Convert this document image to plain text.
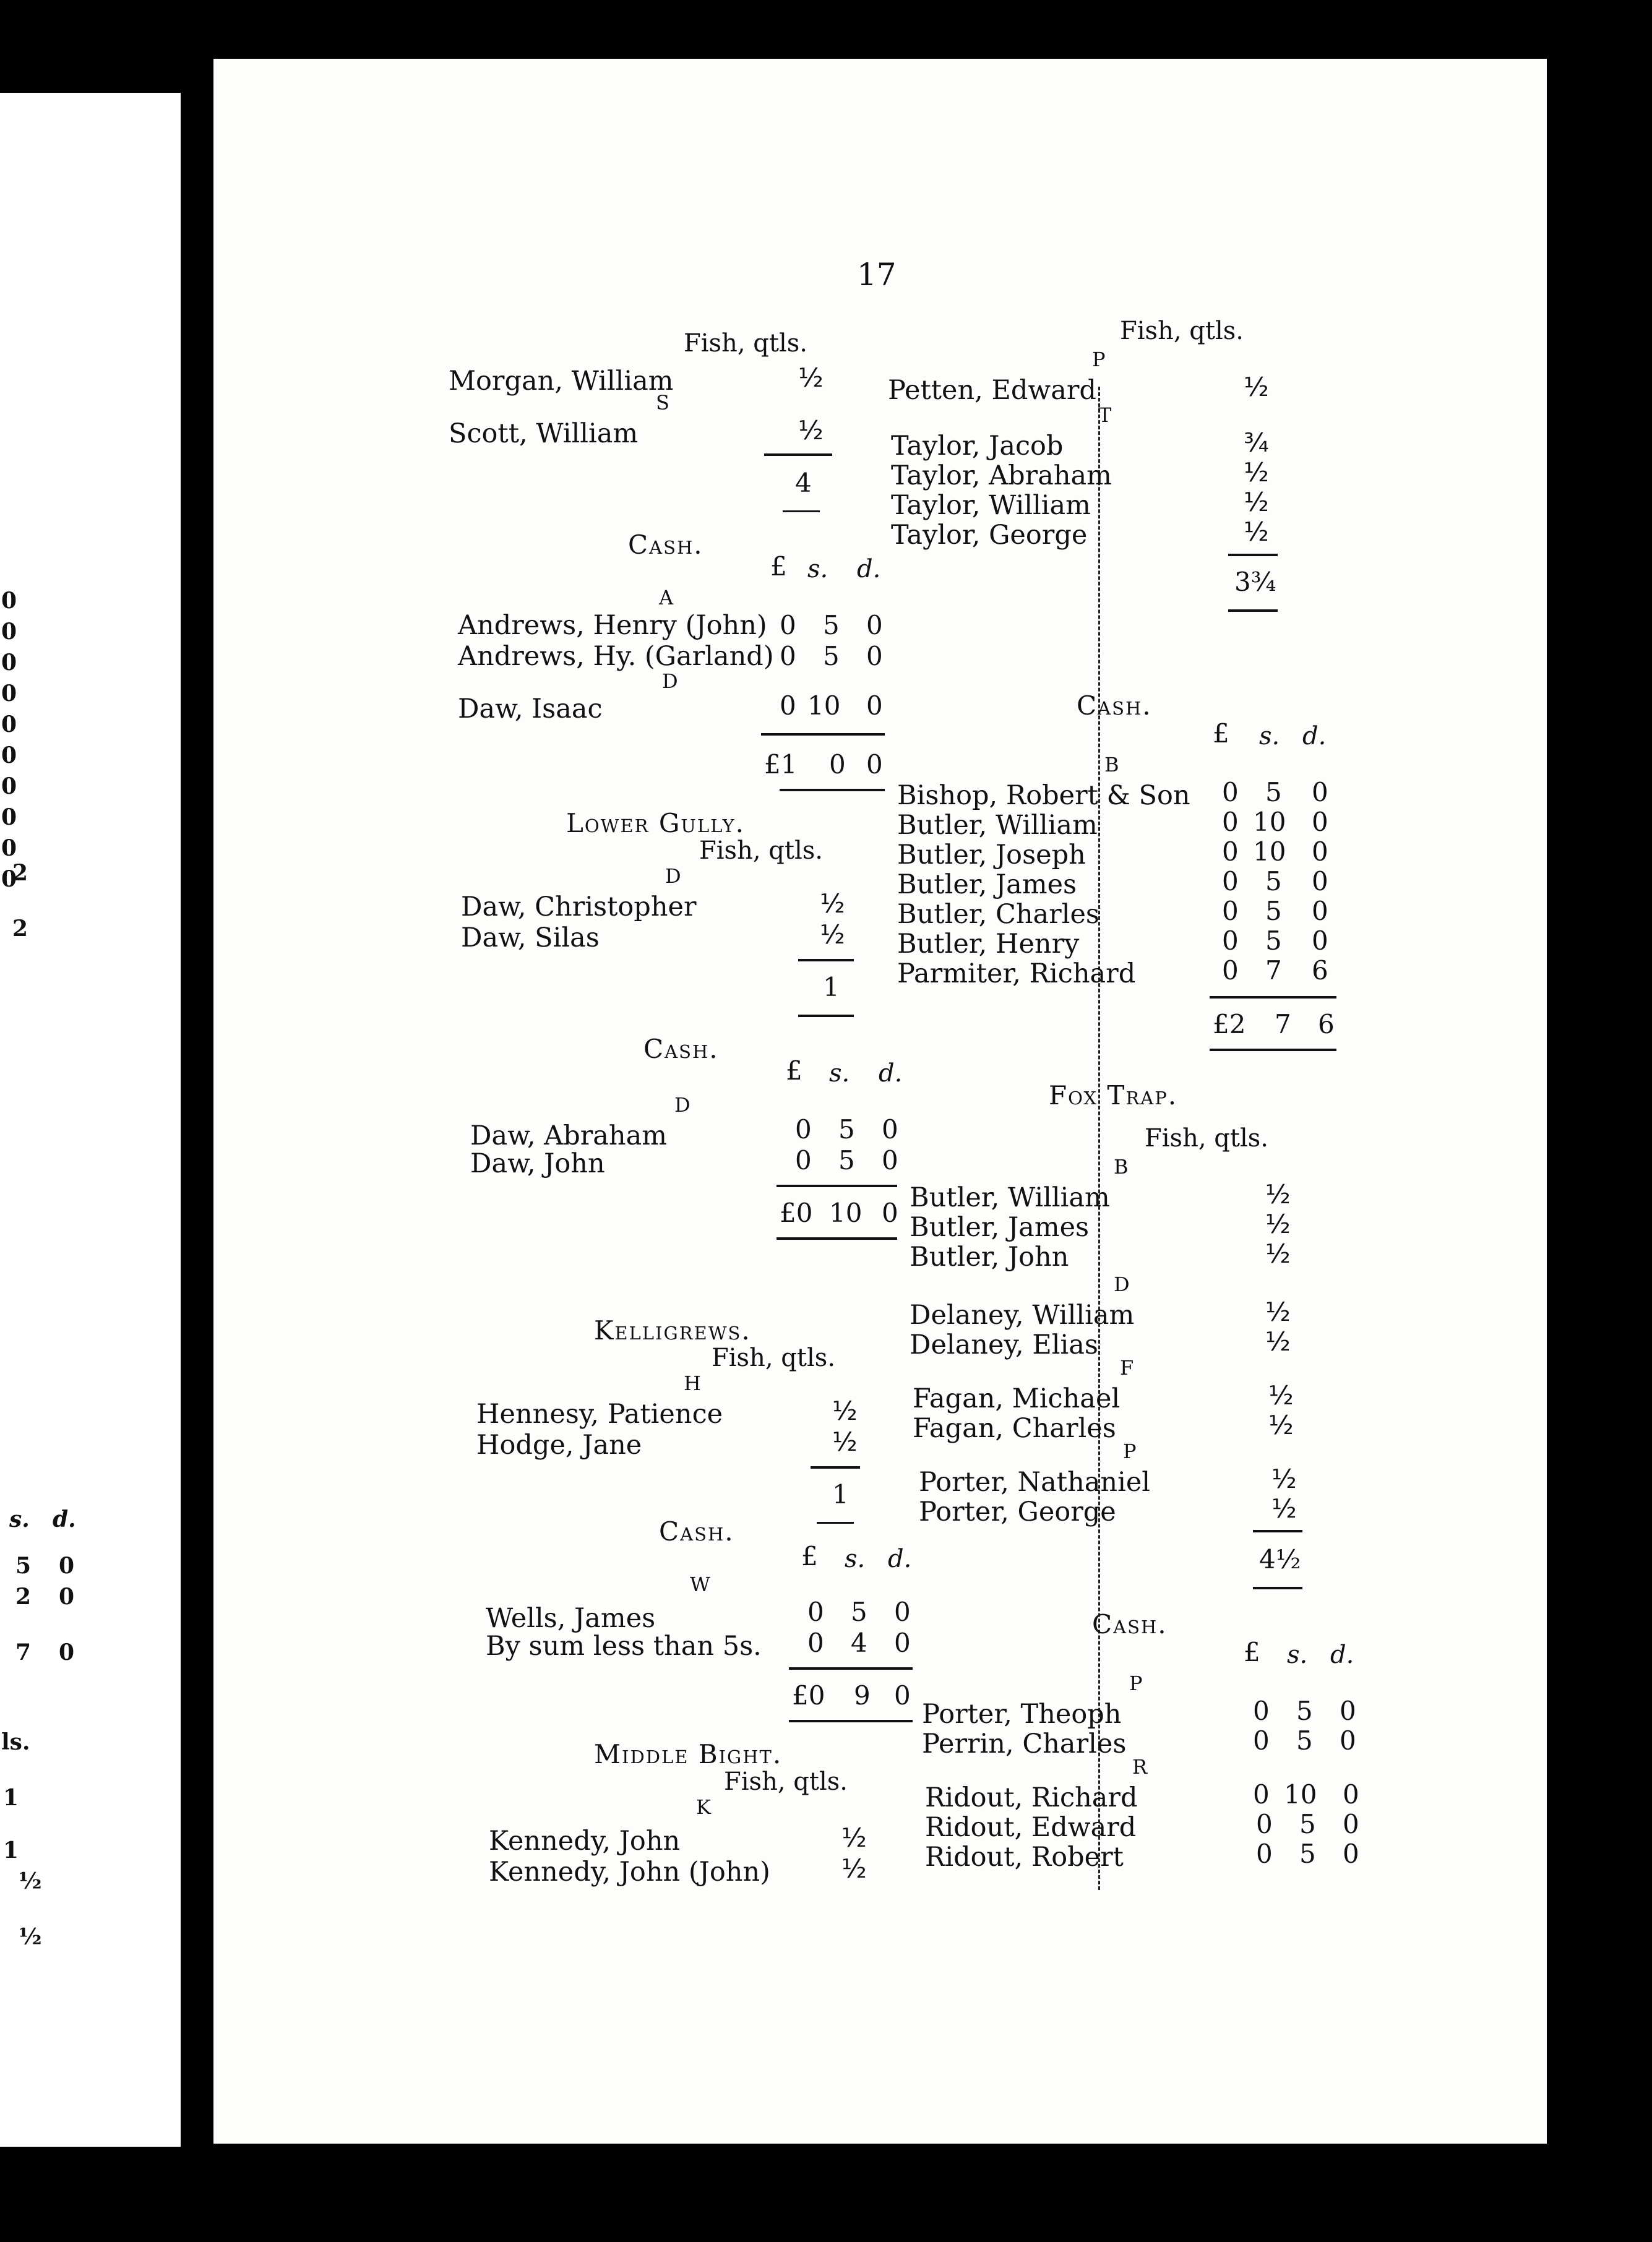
0
0
0
0
0
0
0
0
0
0
2
2
s. d.
5 0
2 0
7 0
ls.
1
1
½
½
17
Fish, qtls.
Morgan, William	½
S
Scott, William	½
4
Cash.
£ s. d.
A
Andrews, Henry (John) 0 5 0
Andrews, Hy. (Garland) 0 5 0
D
Daw, Isaac	0 10 0
£1 0 0
Lower Gully.
Fish, qtls.
D
Daw, Christopher	½
Daw, Silas	½
1
Cash.
£ s. d.
D
Daw, Abraham	0 5 0
Daw, John	0 5 0
£0 10 0
Kelligrews.
Fish, qtls.
H
Hennesy, Patience	½
Hodge, Jane	½
1
Cash.
£ s. d.
W
Wells, James	0 5 0
By sum less than 5s. 0 4 0
£0 9 0
Middle Bight.
Fish, qtls.
K
Kennedy, John	½
Kennedy, John (John)	½
Fish, qtls.
P
Petten, Edward	½
T
Taylor, Jacob	¾
Taylor, Abraham	½
Taylor, William	½
Taylor, George	½
3¾
Cash.
£ s. d.
B
Bishop, Robert & Son 0 5 0
Butler, William	0 10 0
Butler, Joseph	0 10 0
Butler, James	0 5 0
Butler, Charles	0 5 0
Butler, Henry	0 5 0
Parmiter, Richard	0 7 6
£2 7 6
Fox Trap.
Fish, qtls.
B
Butler, William	½
Butler, James	½
Butler, John	½
D
Delaney, William	½
Delaney, Elias	½
F
Fagan, Michael	½
Fagan, Charles	½
P
Porter, Nathaniel	½
Porter, George	½
4½
Cash.
£ s. d.
P
Porter, Theoph	0 5 0
Perrin, Charles	0 5 0
R
Ridout, Richard	0 10 0
Ridout, Edward	0 5 0
Ridout, Robert	0 5 0
